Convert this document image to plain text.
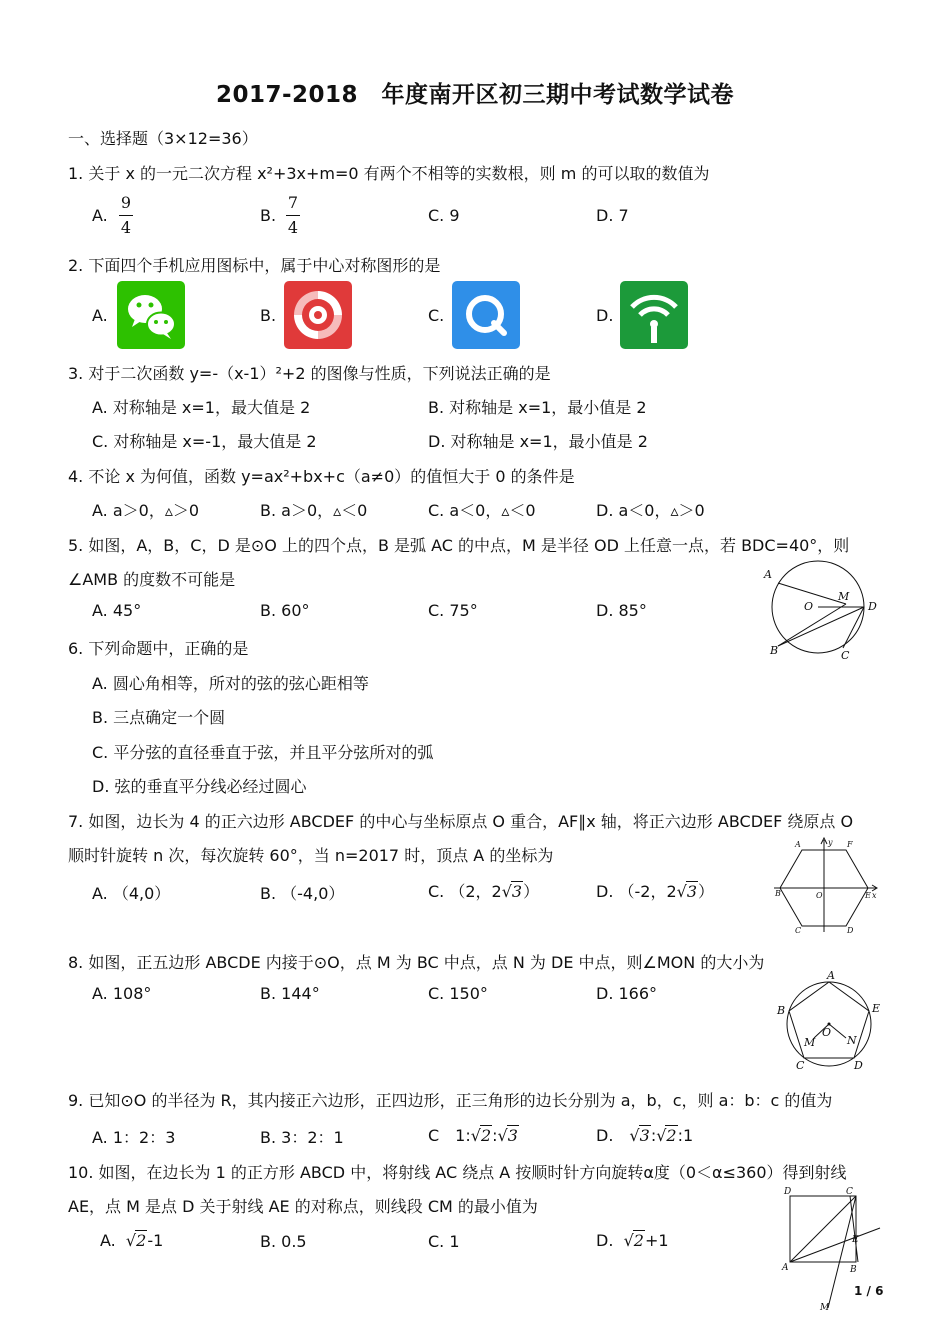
2017-2018　年度南开区初三期中考试数学试卷
一、选择题（3×12=36）
1. 关于 x 的一元二次方程 x²+3x+m=0 有两个不相等的实数根，则 m 的可以取的数值为
A.
9
4
B.
7
4
C. 9	D. 7
2. 下面四个手机应用图标中，属于中心对称图形的是
A.	B.	C.	D.
3. 对于二次函数 y=-（x-1）²+2 的图像与性质，下列说法正确的是
A. 对称轴是 x=1，最大值是 2	B. 对称轴是 x=1，最小值是 2
C. 对称轴是 x=-1，最大值是 2	D. 对称轴是 x=1，最小值是 2
4. 不论 x 为何值，函数 y=ax²+bx+c（a≠0）的值恒大于 0 的条件是
A. a＞0，▵＞0	B. a＞0，▵＜0	C. a＜0，▵＜0	D. a＜0，▵＞0
5. 如图，A，B，C，D 是⊙O 上的四个点，B 是弧 AC 的中点，M 是半径 OD 上任意一点，若 BDC=40°，则
∠AMB 的度数不可能是
A. 45°	B. 60°	C. 75°	D. 85°
A
O
M
D
B	C
6. 下列命题中，正确的是
A. 圆心角相等，所对的弦的弦心距相等
B. 三点确定一个圆
C. 平分弦的直径垂直于弦，并且平分弦所对的弧
D. 弦的垂直平分线必经过圆心
7. 如图，边长为 4 的正六边形 ABCDEF 的中心与坐标原点 O 重合，AF∥x 轴，将正六边形 ABCDEF 绕原点 O
顺时针旋转 n 次，每次旋转 60°，当 n=2017 时，顶点 A 的坐标为
A. （4,0）	B. （-4,0）	C. （2，2√3）	D. （-2，2√3）
A	y F
B	O	E x
C	D
8. 如图，正五边形 ABCDE 内接于⊙O，点 M 为 BC 中点，点 N 为 DE 中点，则∠MON 的大小为
A. 108°	B. 144°	C. 150°	D. 166°
A
B	E
O
M	N
C	D
9. 已知⊙O 的半径为 R，其内接正六边形，正四边形，正三角形的边长分别为 a，b，c，则 a：b：c 的值为
A. 1：2：3	B. 3：2：1	C　1:√2:√3	D.　√3:√2:1
10. 如图，在边长为 1 的正方形 ABCD 中，将射线 AC 绕点 A 按顺时针方向旋转α度（0＜α≤360）得到射线
AE，点 M 是点 D 关于射线 AE 的对称点，则线段 CM 的最小值为
A. √2-1	B. 0.5	C. 1	D. √2+1
D	C
E
A	B
M
1 / 6
